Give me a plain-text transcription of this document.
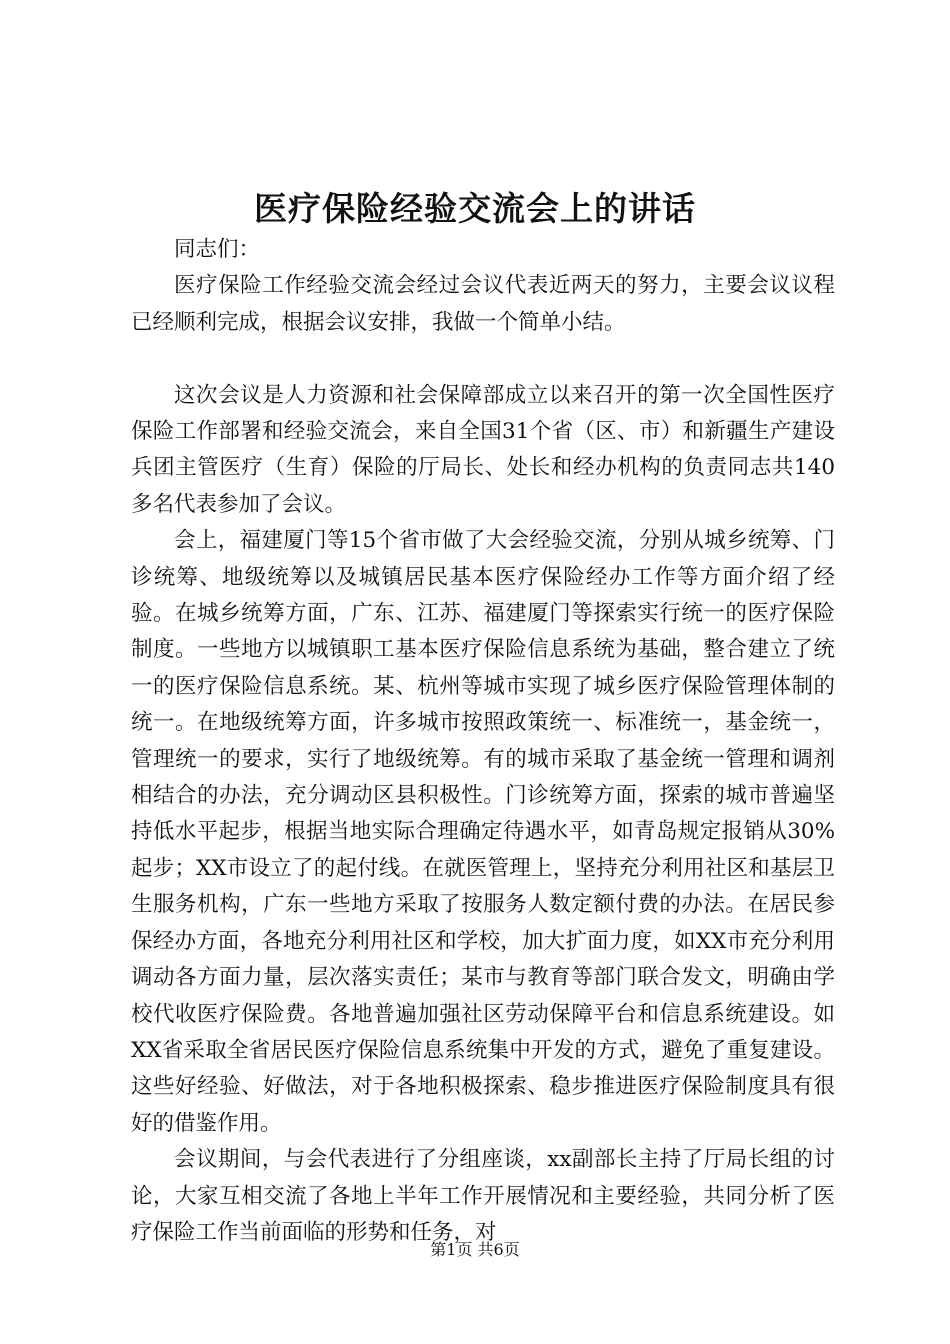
医疗保险经验交流会上的讲话

同志们：

医疗保险工作经验交流会经过会议代表近两天的努力，主要会议议程已经顺利完成，根据会议安排，我做一个简单小结。

这次会议是人力资源和社会保障部成立以来召开的第一次全国性医疗保险工作部署和经验交流会，来自全国31个省（区、市）和新疆生产建设兵团主管医疗（生育）保险的厅局长、处长和经办机构的负责同志共140多名代表参加了会议。

会上，福建厦门等15个省市做了大会经验交流，分别从城乡统筹、门诊统筹、地级统筹以及城镇居民基本医疗保险经办工作等方面介绍了经验。在城乡统筹方面，广东、江苏、福建厦门等探索实行统一的医疗保险制度。一些地方以城镇职工基本医疗保险信息系统为基础，整合建立了统一的医疗保险信息系统。某、杭州等城市实现了城乡医疗保险管理体制的统一。在地级统筹方面，许多城市按照政策统一、标准统一，基金统一，管理统一的要求，实行了地级统筹。有的城市采取了基金统一管理和调剂相结合的办法，充分调动区县积极性。门诊统筹方面，探索的城市普遍坚持低水平起步，根据当地实际合理确定待遇水平，如青岛规定报销从30%起步；XX市设立了的起付线。在就医管理上，坚持充分利用社区和基层卫生服务机构，广东一些地方采取了按服务人数定额付费的办法。在居民参保经办方面，各地充分利用社区和学校，加大扩面力度，如XX市充分利用调动各方面力量，层次落实责任；某市与教育等部门联合发文，明确由学校代收医疗保险费。各地普遍加强社区劳动保障平台和信息系统建设。如XX省采取全省居民医疗保险信息系统集中开发的方式，避免了重复建设。这些好经验、好做法，对于各地积极探索、稳步推进医疗保险制度具有很好的借鉴作用。

会议期间，与会代表进行了分组座谈，xx副部长主持了厅局长组的讨论，大家互相交流了各地上半年工作开展情况和主要经验，共同分析了医疗保险工作当前面临的形势和任务，对

第1页 共6页
